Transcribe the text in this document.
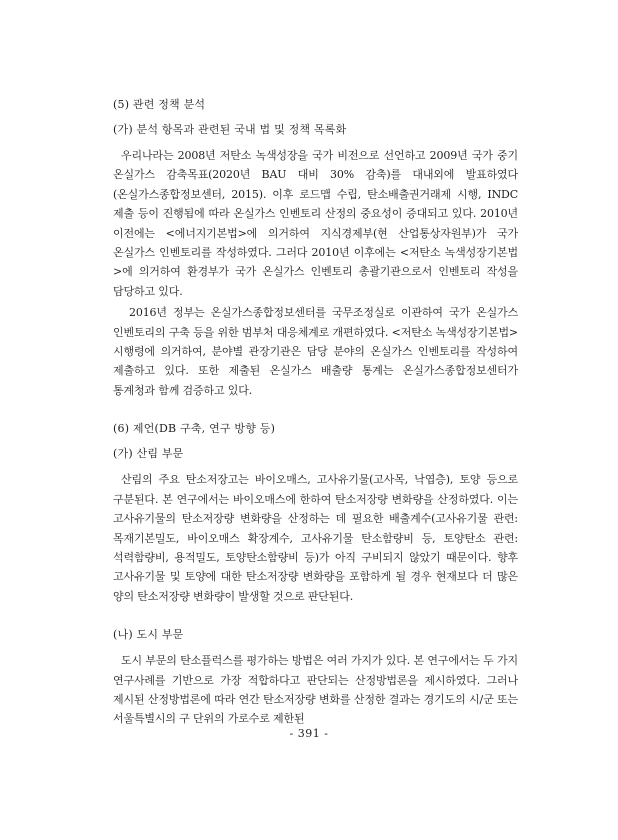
(5) 관련 정책 분석
(가) 분석 항목과 관련된 국내 법 및 정책 목록화

우리나라는 2008년 저탄소 녹색성장을 국가 비전으로 선언하고 2009년 국가 중기 온실가스 감축목표(2020년 BAU 대비 30% 감축)를 대내외에 발표하였다(온실가스종합정보센터, 2015). 이후 로드맵 수립, 탄소배출권거래제 시행, INDC 제출 등이 진행됨에 따라 온실가스 인벤토리 산정의 중요성이 증대되고 있다. 2010년 이전에는 <에너지기본법>에 의거하여 지식경제부(현 산업통상자원부)가 국가 온실가스 인벤토리를 작성하였다. 그러다 2010년 이후에는 <저탄소 녹색성장기본법>에 의거하여 환경부가 국가 온실가스 인벤토리 총괄기관으로서 인벤토리 작성을 담당하고 있다.

2016년 정부는 온실가스종합정보센터를 국무조정실로 이관하여 국가 온실가스 인벤토리의 구축 등을 위한 범부처 대응체계로 개편하였다. <저탄소 녹색성장기본법> 시행령에 의거하여, 분야별 관장기관은 담당 분야의 온실가스 인벤토리를 작성하여 제출하고 있다. 또한 제출된 온실가스 배출량 통계는 온실가스종합정보센터가 통계청과 함께 검증하고 있다.

(6) 제언(DB 구축, 연구 방향 등)
(가) 산림 부문

산림의 주요 탄소저장고는 바이오매스, 고사유기물(고사목, 낙엽층), 토양 등으로 구분된다. 본 연구에서는 바이오매스에 한하여 탄소저장량 변화량을 산정하였다. 이는 고사유기물의 탄소저장량 변화량을 산정하는 데 필요한 배출계수(고사유기물 관련: 목재기본밀도, 바이오매스 확장계수, 고사유기물 탄소함량비 등, 토양탄소 관련: 석력함량비, 용적밀도, 토양탄소함량비 등)가 아직 구비되지 않았기 때문이다. 향후 고사유기물 및 토양에 대한 탄소저장량 변화량을 포함하게 될 경우 현재보다 더 많은 양의 탄소저장량 변화량이 발생할 것으로 판단된다.

(나) 도시 부문

도시 부문의 탄소플럭스를 평가하는 방법은 여러 가지가 있다. 본 연구에서는 두 가지 연구사례를 기반으로 가장 적합하다고 판단되는 산정방법론을 제시하였다. 그러나 제시된 산정방법론에 따라 연간 탄소저장량 변화를 산정한 결과는 경기도의 시/군 또는 서울특별시의 구 단위의 가로수로 제한된

- 391 -
